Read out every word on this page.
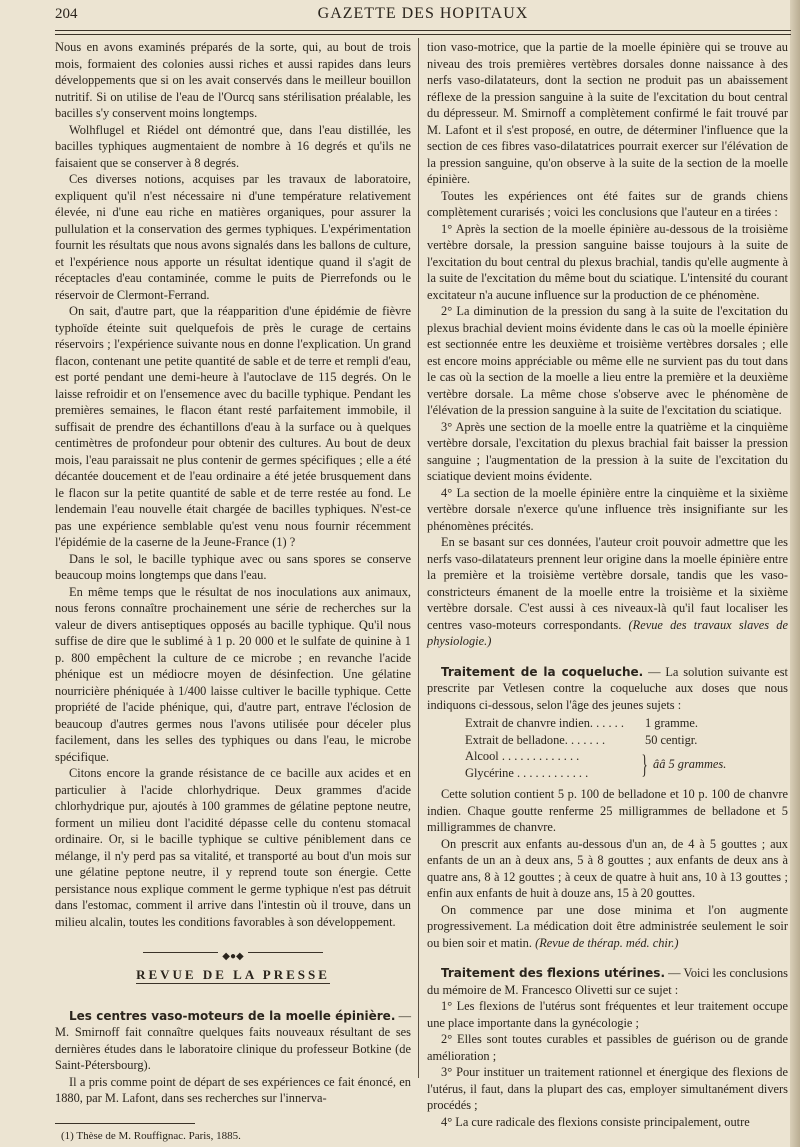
204	GAZETTE DES HOPITAUX

Nous en avons examinés préparés de la sorte, qui, au bout de trois mois, formaient des colonies aussi riches et aussi rapides dans leurs développements que si on les avait conservés dans le meilleur bouillon nutritif. Si on utilise de l'eau de l'Ourcq sans stérilisation préalable, les bacilles s'y conservent moins longtemps.

Wolhflugel et Riédel ont démontré que, dans l'eau distillée, les bacilles typhiques augmentaient de nombre à 16 degrés et qu'ils ne faisaient que se conserver à 8 degrés.

Ces diverses notions, acquises par les travaux de laboratoire, expliquent qu'il n'est nécessaire ni d'une température relativement élevée, ni d'une eau riche en matières organiques, pour assurer la pullulation et la conservation des germes typhiques. L'expérimentation fournit les résultats que nous avons signalés dans les ballons de culture, et l'expérience nous apporte un résultat identique quand il s'agit de réceptacles d'eau contaminée, comme le puits de Pierrefonds ou le réservoir de Clermont-Ferrand.

On sait, d'autre part, que la réapparition d'une épidémie de fièvre typhoïde éteinte suit quelquefois de près le curage de certains réservoirs ; l'expérience suivante nous en donne l'explication. Un grand flacon, contenant une petite quantité de sable et de terre et rempli d'eau, est porté pendant une demi-heure à l'autoclave de 115 degrés. On le laisse refroidir et on l'ensemence avec du bacille typhique. Pendant les premières semaines, le flacon étant resté parfaitement immobile, il suffisait de prendre des échantillons d'eau à la surface ou à quelques centimètres de profondeur pour obtenir des cultures. Au bout de deux mois, l'eau paraissait ne plus contenir de germes spécifiques ; elle a été décantée doucement et de l'eau ordinaire a été jetée brusquement dans le flacon sur la petite quantité de sable et de terre restée au fond. Le lendemain l'eau nouvelle était chargée de bacilles typhiques. N'est-ce pas une expérience semblable qu'est venu nous fournir récemment l'épidémie de la caserne de la Jeune-France (1) ?

Dans le sol, le bacille typhique avec ou sans spores se conserve beaucoup moins longtemps que dans l'eau.

En même temps que le résultat de nos inoculations aux animaux, nous ferons connaître prochainement une série de recherches sur la valeur de divers antiseptiques opposés au bacille typhique. Qu'il nous suffise de dire que le sublimé à 1 p. 20 000 et le sulfate de quinine à 1 p. 800 empêchent la culture de ce microbe ; en revanche l'acide phénique est un médiocre moyen de désinfection. Une gélatine nourricière phéniquée à 1/400 laisse cultiver le bacille typhique. Cette propriété de l'acide phénique, qui, d'autre part, entrave l'éclosion de beaucoup d'autres germes nous l'avons utilisée pour déceler plus facilement, dans les selles des typhiques ou dans l'eau, le microbe spécifique.

Citons encore la grande résistance de ce bacille aux acides et en particulier à l'acide chlorhydrique. Deux grammes d'acide chlorhydrique pur, ajoutés à 100 grammes de gélatine peptone neutre, forment un milieu dont l'acidité dépasse celle du contenu stomacal ordinaire. Or, si le bacille typhique se cultive péniblement dans ce mélange, il n'y perd pas sa vitalité, et transporté au bout d'un mois sur une gélatine peptone neutre, il y reprend toute son énergie. Cette persistance nous explique comment le germe typhique n'est pas détruit dans l'estomac, comment il arrive dans l'intestin où il trouve, dans un milieu alcalin, toutes les conditions favorables à son développement.

◆●◆
REVUE DE LA PRESSE

Les centres vaso-moteurs de la moelle épinière. — M. Smirnoff fait connaître quelques faits nouveaux résultant de ses dernières études dans le laboratoire clinique du professeur Botkine (de Saint-Pétersbourg).

Il a pris comme point de départ de ses expériences ce fait énoncé, en 1880, par M. Lafont, dans ses recherches sur l'innerva-

(1) Thèse de M. Rouffignac. Paris, 1885.

tion vaso-motrice, que la partie de la moelle épinière qui se trouve au niveau des trois premières vertèbres dorsales donne naissance à des nerfs vaso-dilatateurs, dont la section ne produit pas un abaissement réflexe de la pression sanguine à la suite de l'excitation du bout central du dépresseur. M. Smirnoff a complètement confirmé le fait trouvé par M. Lafont et il s'est proposé, en outre, de déterminer l'influence que la section de ces fibres vaso-dilatatrices pourrait exercer sur l'élévation de la pression sanguine, qu'on observe à la suite de la section de la moelle épinière.

Toutes les expériences ont été faites sur de grands chiens complètement curarisés ; voici les conclusions que l'auteur en a tirées :

1° Après la section de la moelle épinière au-dessous de la troisième vertèbre dorsale, la pression sanguine baisse toujours à la suite de l'excitation du bout central du plexus brachial, tandis qu'elle augmente à la suite de l'excitation du même bout du sciatique. L'intensité du courant excitateur n'a aucune influence sur la production de ce phénomène.

2° La diminution de la pression du sang à la suite de l'excitation du plexus brachial devient moins évidente dans le cas où la moelle épinière est sectionnée entre les deuxième et troisième vertèbres dorsales ; elle est encore moins appréciable ou même elle ne survient pas du tout dans le cas où la section de la moelle a lieu entre la première et la deuxième vertèbre dorsale. La même chose s'observe avec le phénomène de l'élévation de la pression sanguine à la suite de l'excitation du sciatique.

3° Après une section de la moelle entre la quatrième et la cinquième vertèbre dorsale, l'excitation du plexus brachial fait baisser la pression sanguine ; l'augmentation de la pression à la suite de l'excitation du sciatique devient moins évidente.

4° La section de la moelle épinière entre la cinquième et la sixième vertèbre dorsale n'exerce qu'une influence très insignifiante sur les phénomènes précités.

En se basant sur ces données, l'auteur croit pouvoir admettre que les nerfs vaso-dilatateurs prennent leur origine dans la moelle épinière entre la première et la troisième vertèbre dorsale, tandis que les vaso-constricteurs émanent de la moelle entre la troisième et la sixième vertèbre dorsale. C'est aussi à ces niveaux-là qu'il faut localiser les centres vaso-moteurs correspondants. (Revue des travaux slaves de physiologie.)

Traitement de la coqueluche. — La solution suivante est prescrite par Vetlesen contre la coqueluche aux doses que nous indiquons ci-dessous, selon l'âge des jeunes sujets :

Extrait de chanvre indien. . . . . .	1 gramme.
Extrait de belladone. . . . . . .	50 centigr.
Alcool . . . . . . . . . . . . .
Glycérine . . . . . . . . . . . .	} ââ 5 grammes.

Cette solution contient 5 p. 100 de belladone et 10 p. 100 de chanvre indien. Chaque goutte renferme 25 milligrammes de belladone et 5 milligrammes de chanvre.

On prescrit aux enfants au-dessous d'un an, de 4 à 5 gouttes ; aux enfants de un an à deux ans, 5 à 8 gouttes ; aux enfants de deux ans à quatre ans, 8 à 12 gouttes ; à ceux de quatre à huit ans, 10 à 13 gouttes ; enfin aux enfants de huit à douze ans, 15 à 20 gouttes.

On commence par une dose minima et l'on augmente progressivement. La médication doit être administrée seulement le soir ou bien soir et matin. (Revue de thérap. méd. chir.)

Traitement des flexions utérines. — Voici les conclusions du mémoire de M. Francesco Olivetti sur ce sujet :

1° Les flexions de l'utérus sont fréquentes et leur traitement occupe une place importante dans la gynécologie ;

2° Elles sont toutes curables et passibles de guérison ou de grande amélioration ;

3° Pour instituer un traitement rationnel et énergique des flexions de l'utérus, il faut, dans la plupart des cas, employer simultanément divers procédés ;

4° La cure radicale des flexions consiste principalement, outre
